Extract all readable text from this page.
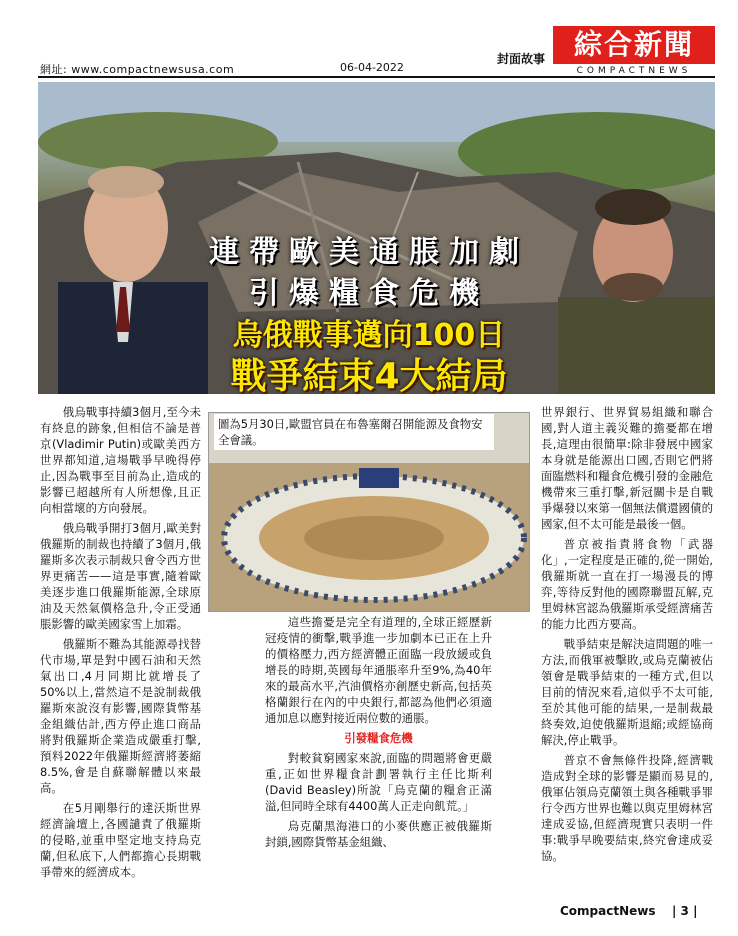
網址: www.compactnewsusa.com	06-04-2022
封面故事	綜合新聞
COMPACTNEWS
連帶歐美通脹加劇
引爆糧食危機
烏俄戰事邁向100日
戰爭結束4大結局

俄烏戰事持續3個月,至今未有終息的跡象,但相信不論是普京(Vladimir Putin)或歐美西方世界都知道,這場戰爭早晚得停止,因為戰事至目前為止,造成的影響已超越所有人所想像,且正向相當壞的方向發展。

俄烏戰爭開打3個月,歐美對俄羅斯的制裁也持續了3個月,俄羅斯多次表示制裁只會令西方世界更痛苦——這是事實,隨着歐美逐步進口俄羅斯能源,全球原油及天然氣價格急升,令正受通脹影響的歐美國家雪上加霜。

俄羅斯不難為其能源尋找替代市場,單是對中國石油和天然氣出口,4月同期比就增長了50%以上,當然這不是說制裁俄羅斯來說沒有影響,國際貨幣基金組織估計,西方停止進口商品將對俄羅斯企業造成嚴重打擊,預料2022年俄羅斯經濟將萎縮8.5%,會是自蘇聯解體以來最高。

在5月剛舉行的達沃斯世界經濟論壇上,各國譴責了俄羅斯的侵略,並重申堅定地支持烏克蘭,但私底下,人們都擔心長期戰爭帶來的經濟成本。

圖為5月30日,歐盟官員在布魯塞爾召開能源及食物安全會議。

這些擔憂是完全有道理的,全球正經歷新冠疫情的衝擊,戰爭進一步加劇本已正在上升的價格壓力,西方經濟體正面臨一段放緩或負增長的時期,英國每年通脹率升至9%,為40年來的最高水平,汽油價格亦創歷史新高,包括英格蘭銀行在內的中央銀行,都認為他們必須適通加息以應對接近兩位數的通脹。

引發糧食危機

對較貧窮國家來說,面臨的問題將會更嚴重,正如世界糧食計劃署執行主任比斯利(David Beasley)所說「烏克蘭的糧倉正滿溢,但同時全球有4400萬人正走向飢荒。」

烏克蘭黑海港口的小麥供應正被俄羅斯封鎖,國際貨幣基金組織、

世界銀行、世界貿易組織和聯合國,對人道主義災難的擔憂都在增長,這理由很簡單:除非發展中國家本身就是能源出口國,否則它們將面臨燃料和糧食危機引發的金融危機帶來三重打擊,新冠關卡是自戰爭爆發以來第一個無法償還國債的國家,但不太可能是最後一個。

普京被指責將食物「武器化」,一定程度是正確的,從一開始,俄羅斯就一直在打一場漫長的博弈,等待反對他的國際聯盟瓦解,克里姆林宮認為俄羅斯承受經濟痛苦的能力比西方要高。

戰爭結束是解決這問題的唯一方法,而俄軍被擊敗,或烏克蘭被佔領會是戰爭結束的一種方式,但以目前的情況來看,這似乎不太可能,至於其他可能的結果,一是制裁最終奏效,迫使俄羅斯退縮;或經協商解決,停止戰爭。

普京不會無條件投降,經濟戰造成對全球的影響是顯而易見的,俄軍佔領烏克蘭領土與各種戰爭罪行令西方世界也難以與克里姆林宮達成妥協,但經濟現實只表明一件事:戰爭早晚要結束,終究會達成妥協。

CompactNews | 3 |
